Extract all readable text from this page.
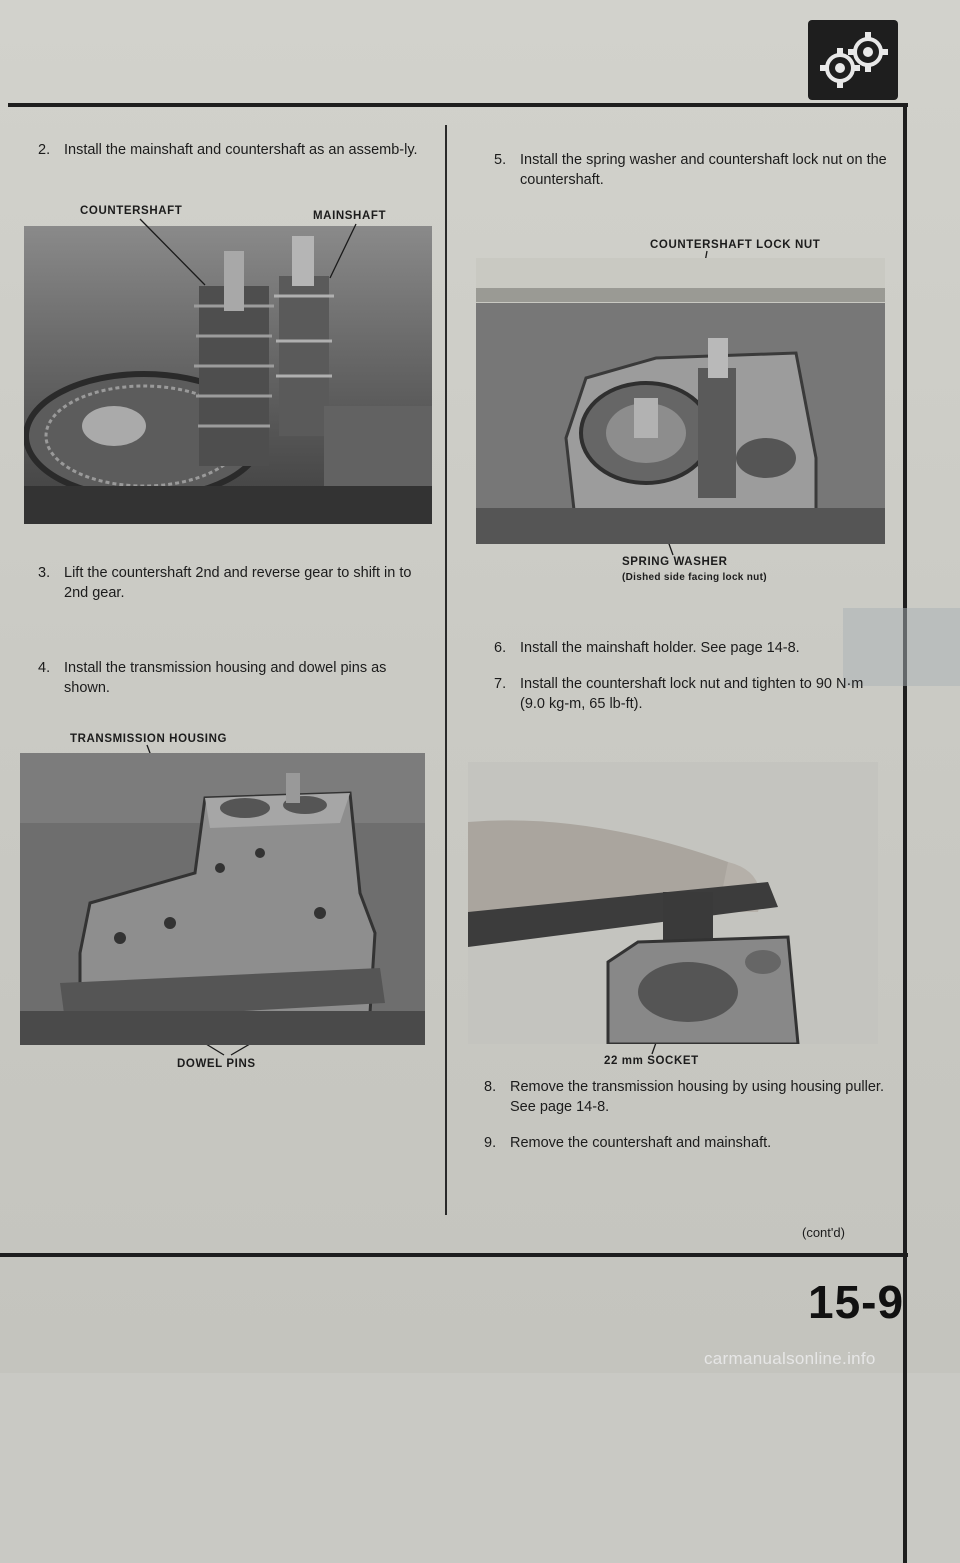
2. Install the mainshaft and countershaft as an assemb-ly.
COUNTERSHAFT	MAINSHAFT
3. Lift the countershaft 2nd and reverse gear to shift in to 2nd gear.
4. Install the transmission housing and dowel pins as shown.
TRANSMISSION HOUSING
DOWEL PINS
5. Install the spring washer and countershaft lock nut on the countershaft.
COUNTERSHAFT LOCK NUT
SPRING WASHER
(Dished side facing lock nut)
6. Install the mainshaft holder. See page 14-8.
7. Install the countershaft lock nut and tighten to 90 N·m (9.0 kg-m, 65 lb-ft).
22 mm SOCKET
8. Remove the transmission housing by using housing puller. See page 14-8.
9. Remove the countershaft and mainshaft.
(cont'd)
15-9
carmanualsonline.info
